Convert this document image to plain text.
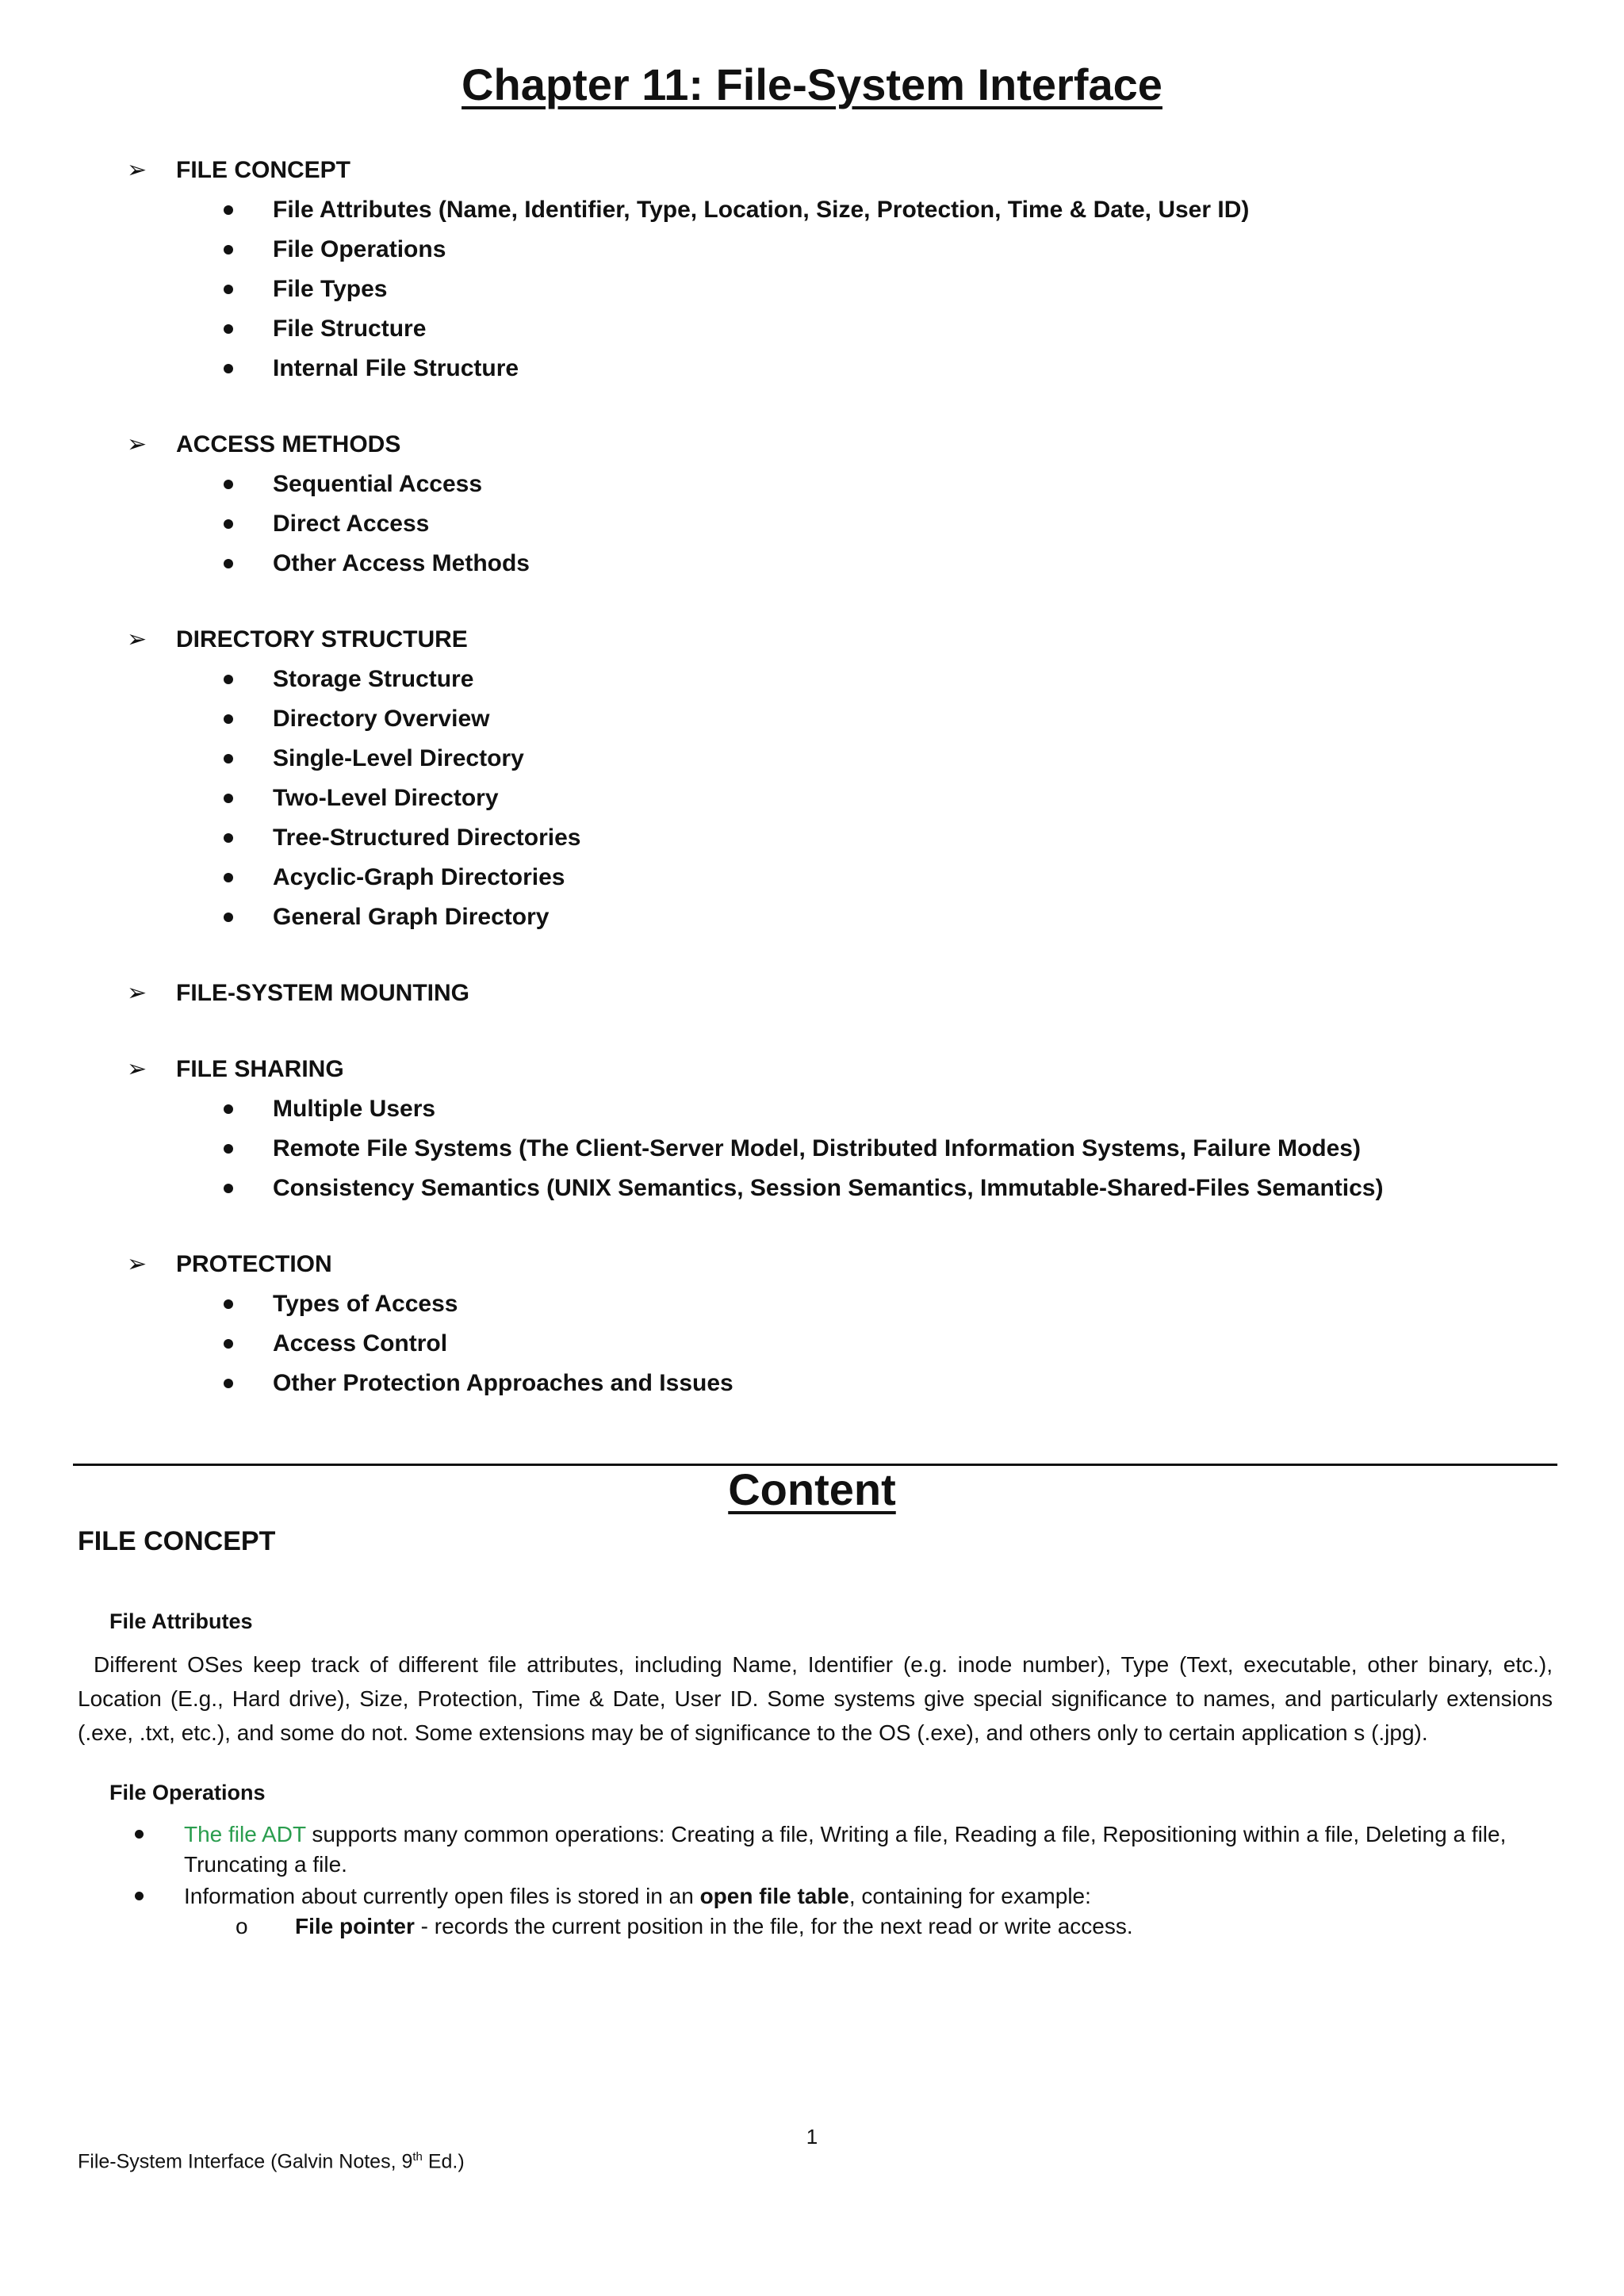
Chapter 11: File-System Interface
➢ FILE CONCEPT
File Attributes (Name, Identifier, Type, Location, Size, Protection, Time & Date, User ID)
File Operations
File Types
File Structure
Internal File Structure
➢ ACCESS METHODS
Sequential Access
Direct Access
Other Access Methods
➢ DIRECTORY STRUCTURE
Storage Structure
Directory Overview
Single-Level Directory
Two-Level Directory
Tree-Structured Directories
Acyclic-Graph Directories
General Graph Directory
➢ FILE-SYSTEM MOUNTING
➢ FILE SHARING
Multiple Users
Remote File Systems (The Client-Server Model, Distributed Information Systems, Failure Modes)
Consistency Semantics (UNIX Semantics, Session Semantics, Immutable-Shared-Files Semantics)
➢ PROTECTION
Types of Access
Access Control
Other Protection Approaches and Issues
Content
FILE CONCEPT
File Attributes
Different OSes keep track of different file attributes, including Name, Identifier (e.g. inode number), Type (Text, executable, other binary, etc.), Location (E.g., Hard drive), Size, Protection, Time & Date, User ID. Some systems give special significance to names, and particularly extensions (.exe, .txt, etc.), and some do not. Some extensions may be of significance to the OS (.exe), and others only to certain application s (.jpg).
File Operations
The file ADT supports many common operations: Creating a file, Writing a file, Reading a file, Repositioning within a file, Deleting a file, Truncating a file.
Information about currently open files is stored in an open file table, containing for example:
o File pointer - records the current position in the file, for the next read or write access.
1
File-System Interface (Galvin Notes, 9th Ed.)
